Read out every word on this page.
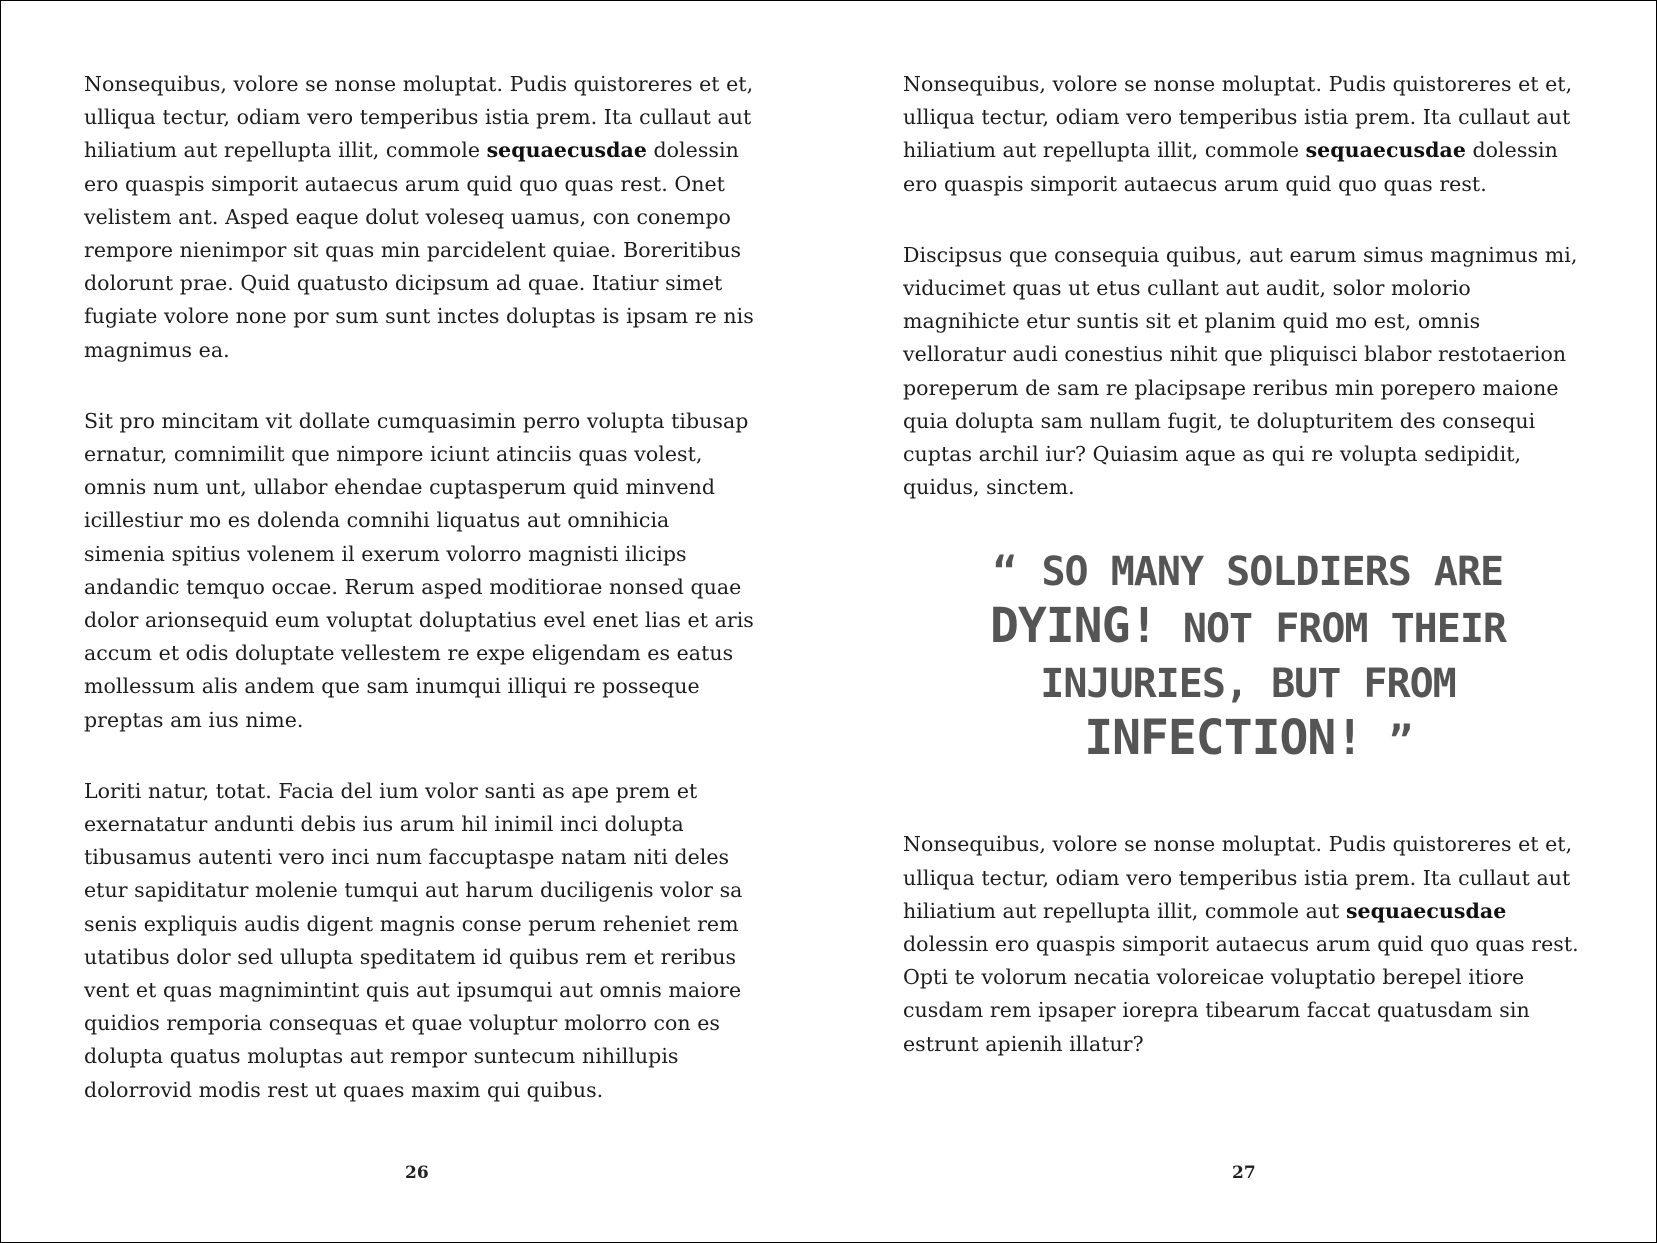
Nonsequibus, volore se nonse moluptat. Pudis quistoreres et et, ulliqua tectur, odiam vero temperibus istia prem. Ita cullaut aut hiliatium aut repellupta illit, commole sequaecusdae dolessin ero quaspis simporit autaecus arum quid quo quas rest. Onet velistem ant. Asped eaque dolut voleseq uamus, con conempo rempore nienimpor sit quas min parcidelent quiae. Boreritibus dolorunt prae. Quid quatusto dicipsum ad quae. Itatiur simet fugiate volore none por sum sunt inctes doluptas is ipsam re nis magnimus ea.

Sit pro mincitam vit dollate cumquasimin perro volupta tibusap ernatur, comnimilit que nimpore iciunt atinciis quas volest, omnis num unt, ullabor ehendae cuptasperum quid minvend icillestiur mo es dolenda comnihi liquatus aut omnihicia simenia spitius volenem il exerum volorro magnisti ilicips andandic temquo occae. Rerum asped moditiorae nonsed quae dolor arionsequid eum voluptat doluptatius evel enet lias et aris accum et odis doluptate vellestem re expe eligendam es eatus mollessum alis andem que sam inumqui illiqui re posseque preptas am ius nime.

Loriti natur, totat. Facia del ium volor santi as ape prem et exernatatur andunti debis ius arum hil inimil inci dolupta tibusamus autenti vero inci num faccuptaspe natam niti deles etur sapiditatur molenie tumqui aut harum duciligenis volor sa senis expliquis audis digent magnis conse perum reheniet rem utatibus dolor sed ullupta speditatem id quibus rem et reribus vent et quas magnimintint quis aut ipsumqui aut omnis maiore quidios remporia consequas et quae voluptur molorro con es dolupta quatus moluptas aut rempor suntecum nihillupis dolorrovid modis rest ut quaes maxim qui quibus.

26

Nonsequibus, volore se nonse moluptat. Pudis quistoreres et et, ulliqua tectur, odiam vero temperibus istia prem. Ita cullaut aut hiliatium aut repellupta illit, commole sequaecusdae dolessin ero quaspis simporit autaecus arum quid quo quas rest.

Discipsus que consequia quibus, aut earum simus magnimus mi, viducimet quas ut etus cullant aut audit, solor molorio magnihicte etur suntis sit et planim quid mo est, omnis velloratur audi conestius nihit que pliquisci blabor restotaerion poreperum de sam re placipsape reribus min porepero maione quia dolupta sam nullam fugit, te dolupturitem des consequi cuptas archil iur? Quiasim aque as qui re volupta sedipidit, quidus, sinctem.

“ SO MANY SOLDIERS ARE
DYING! NOT FROM THEIR
INJURIES, BUT FROM
INFECTION! ”

Nonsequibus, volore se nonse moluptat. Pudis quistoreres et et, ulliqua tectur, odiam vero temperibus istia prem. Ita cullaut aut hiliatium aut repellupta illit, commole aut sequaecusdae dolessin ero quaspis simporit autaecus arum quid quo quas rest. Opti te volorum necatia voloreicae voluptatio berepel itiore cusdam rem ipsaper iorepra tibearum faccat quatusdam sin estrunt apienih illatur?

27
